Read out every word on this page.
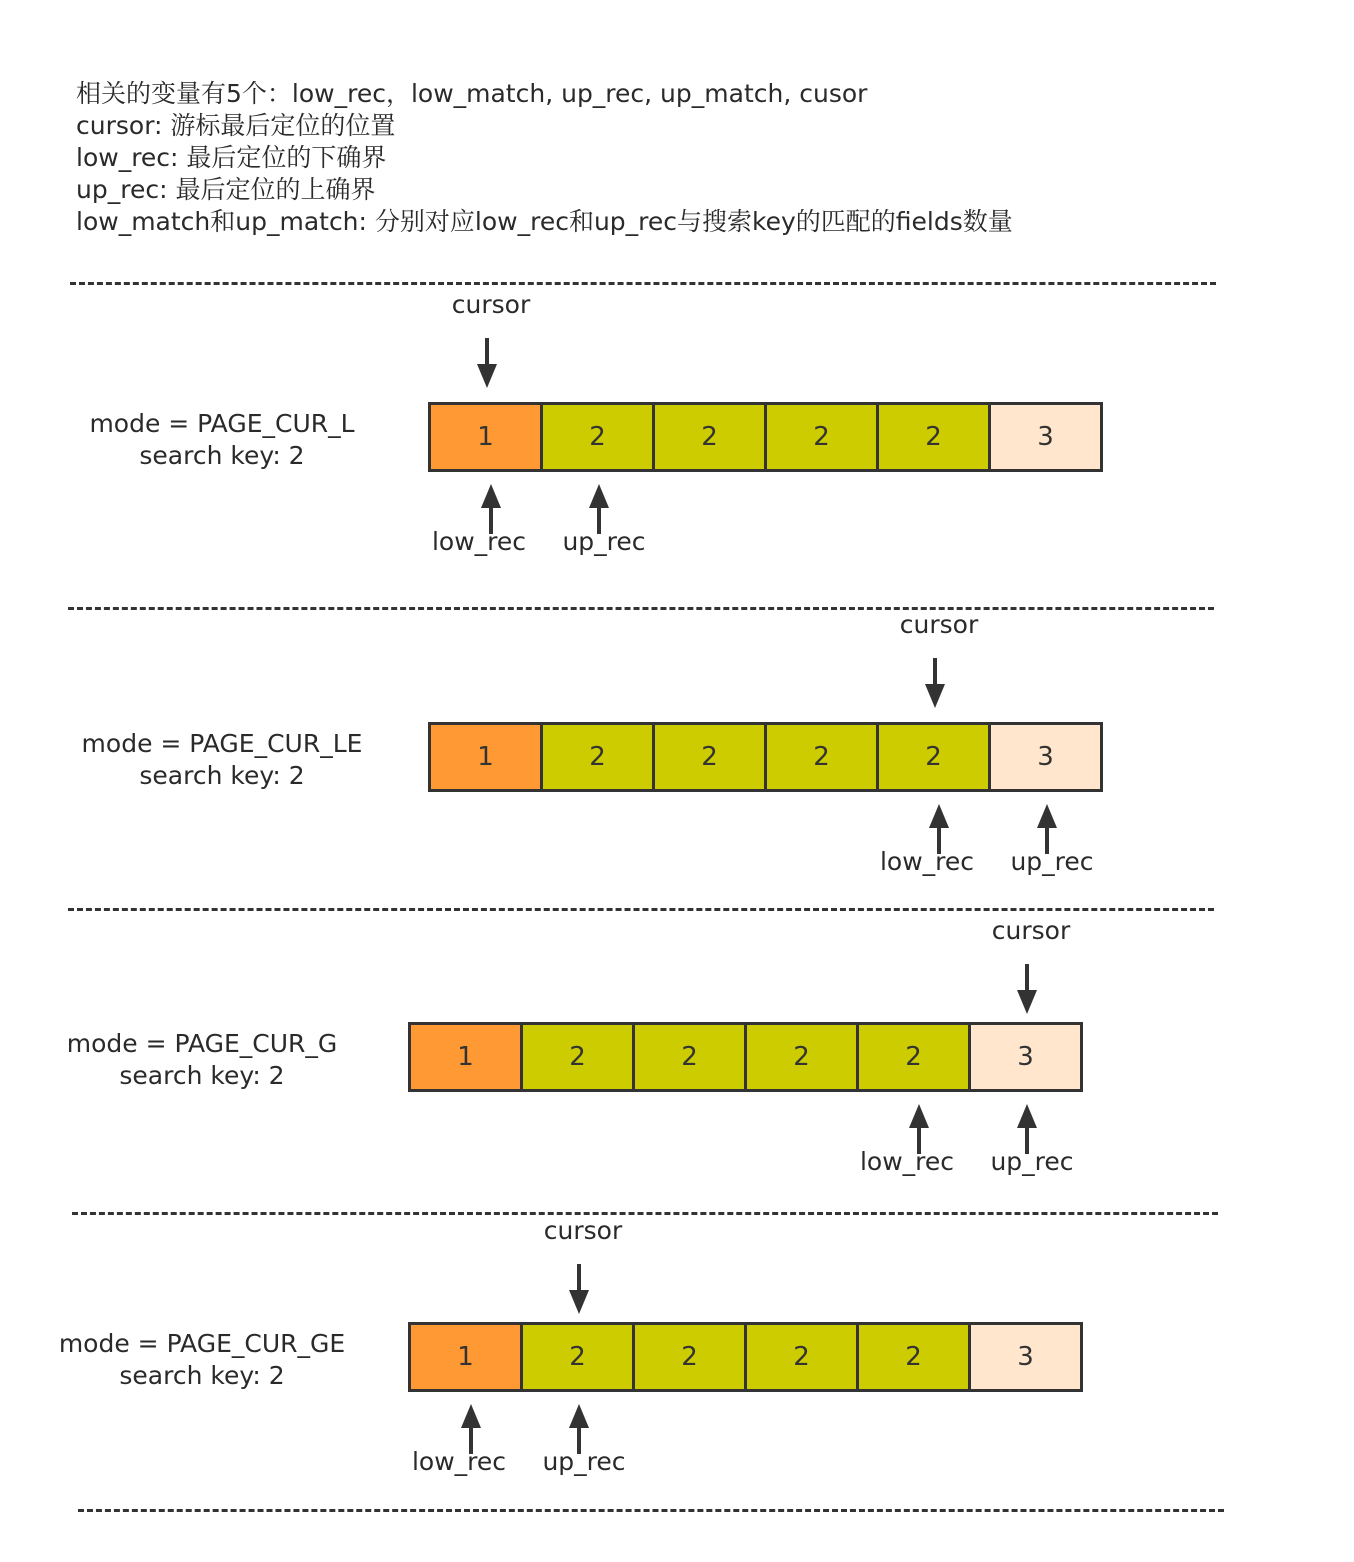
相关的变量有5个：low_rec，low_match, up_rec, up_match, cusor
cursor: 游标最后定位的位置
low_rec: 最后定位的下确界
up_rec: 最后定位的上确界
low_match和up_match: 分别对应low_rec和up_rec与搜索key的匹配的fields数量
mode = PAGE_CUR_L
search key: 2
1	2	2	2	2	3
cursor
low_rec up_rec
mode = PAGE_CUR_LE
search key: 2
1	2	2	2	2	3
cursor
low_rec up_rec
mode = PAGE_CUR_G
search key: 2
1	2	2	2	2	3
cursor
low_rec up_rec
mode = PAGE_CUR_GE
search key: 2
1	2	2	2	2	3
cursor
low_rec up_rec
